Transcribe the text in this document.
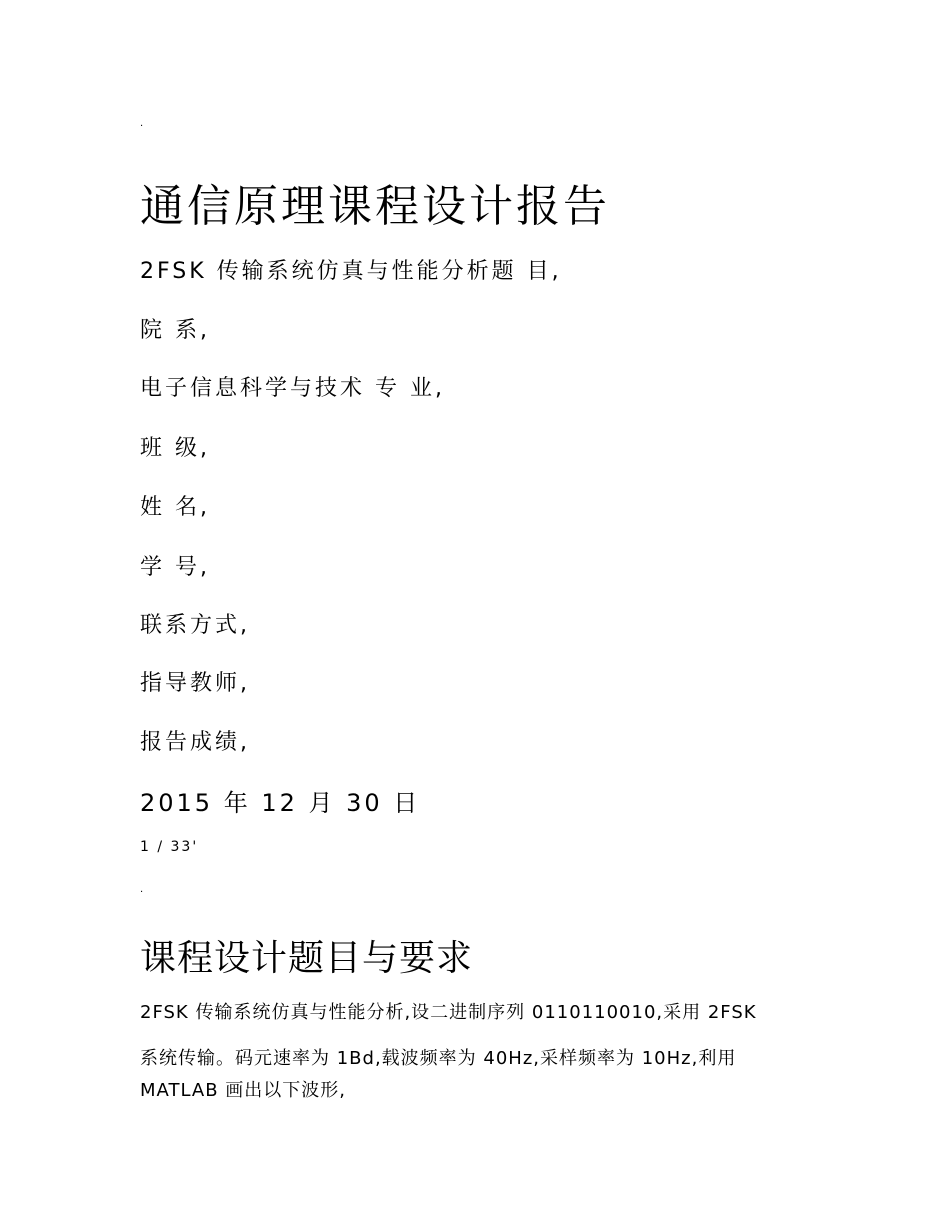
.
通信原理课程设计报告
2FSK 传输系统仿真与性能分析题 目,
院 系,
电子信息科学与技术 专 业,
班 级,
姓 名,
学 号,
联系方式,
指导教师,
报告成绩,
2015 年 12 月 30 日
1 / 33'
.
课程设计题目与要求
2FSK 传输系统仿真与性能分析,设二进制序列 0110110010,采用 2FSK
系统传输。码元速率为 1Bd,载波频率为 40Hz,采样频率为 10Hz,利用
MATLAB 画出以下波形,
